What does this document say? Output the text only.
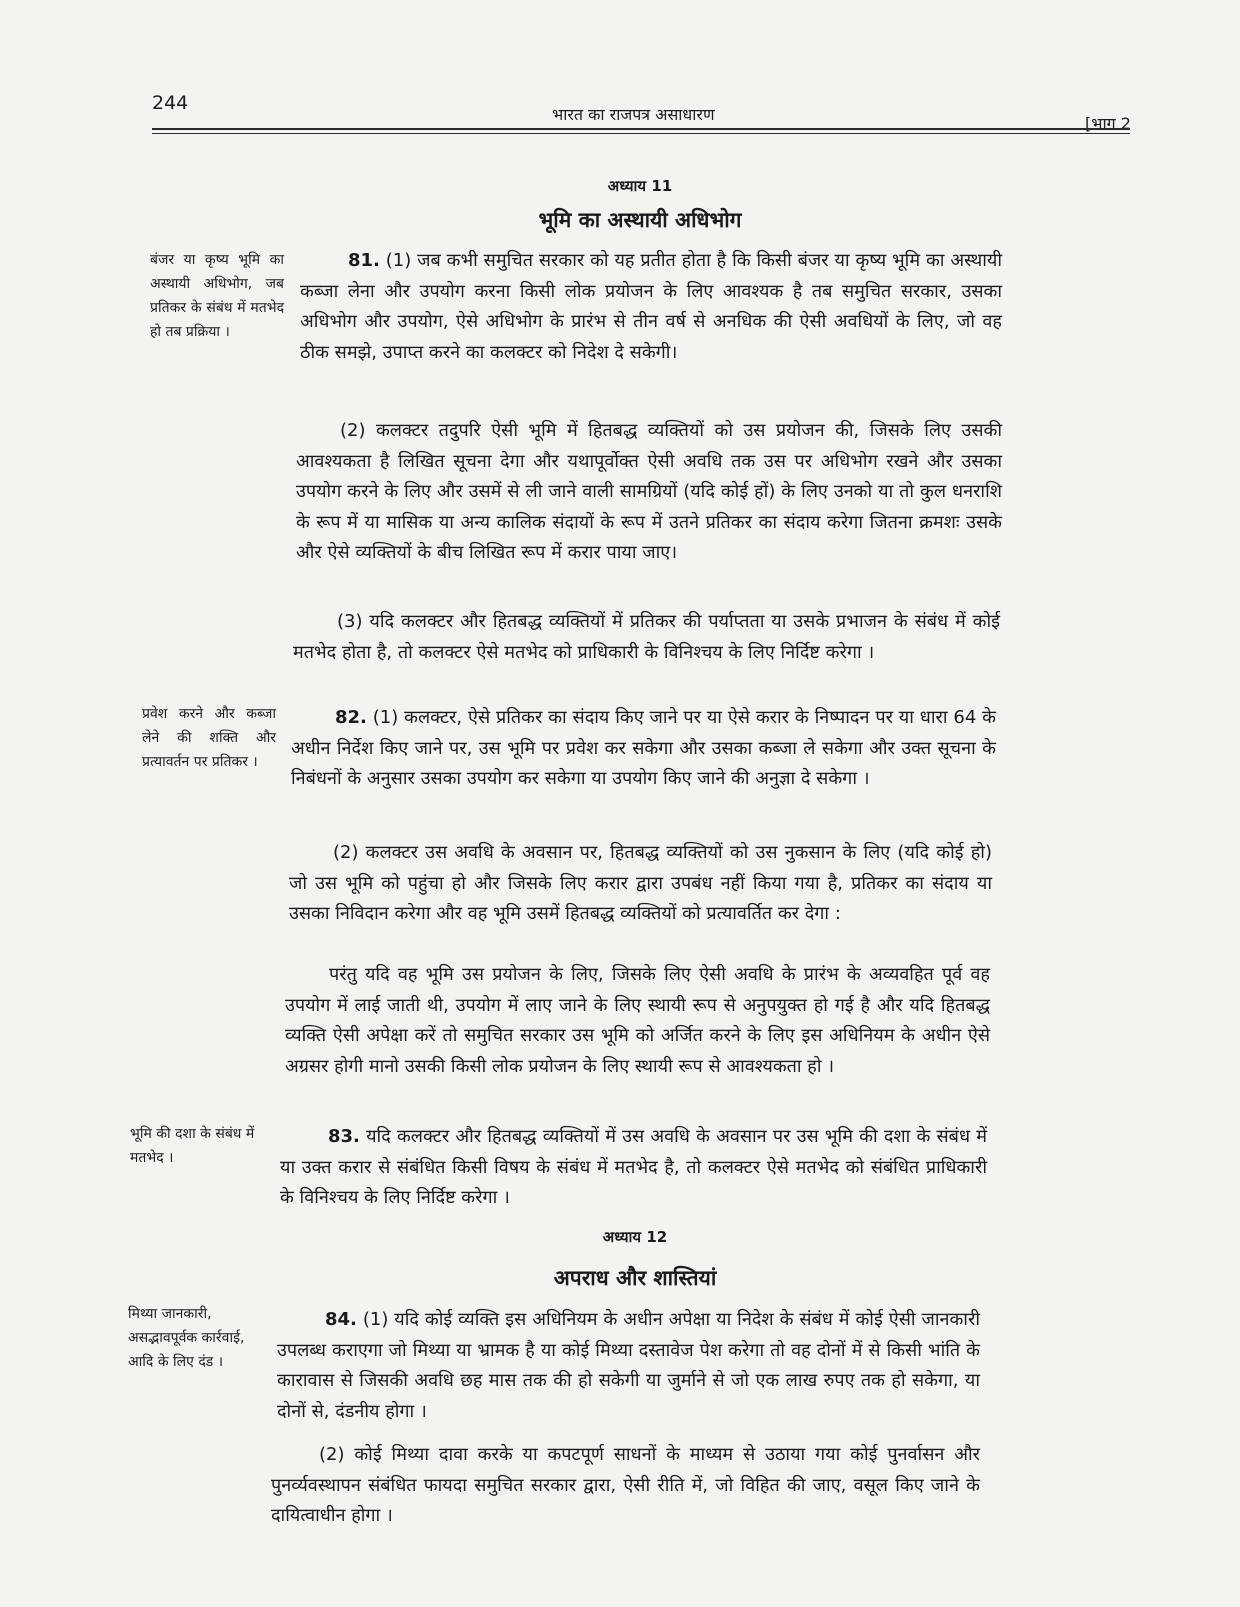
244
भारत का राजपत्र असाधारण	[भाग 2
अध्याय 11
भूमि का अस्थायी अधिभोग
बंजर या कृष्य भूमि का अस्थायी अधिभोग, जब प्रतिकर के संबंध में मतभेद हो तब प्रक्रिया ।

81. (1) जब कभी समुचित सरकार को यह प्रतीत होता है कि किसी बंजर या कृष्य भूमि का अस्थायी कब्जा लेना और उपयोग करना किसी लोक प्रयोजन के लिए आवश्यक है तब समुचित सरकार, उसका अधिभोग और उपयोग, ऐसे अधिभोग के प्रारंभ से तीन वर्ष से अनधिक की ऐसी अवधियों के लिए, जो वह ठीक समझे, उपाप्त करने का कलक्टर को निदेश दे सकेगी।

(2) कलक्टर तदुपरि ऐसी भूमि में हितबद्ध व्यक्तियों को उस प्रयोजन की, जिसके लिए उसकी आवश्यकता है लिखित सूचना देगा और यथापूर्वोक्त ऐसी अवधि तक उस पर अधिभोग रखने और उसका उपयोग करने के लिए और उसमें से ली जाने वाली सामग्रियों (यदि कोई हों) के लिए उनको या तो कुल धनराशि के रूप में या मासिक या अन्य कालिक संदायों के रूप में उतने प्रतिकर का संदाय करेगा जितना क्रमशः उसके और ऐसे व्यक्तियों के बीच लिखित रूप में करार पाया जाए।

(3) यदि कलक्टर और हितबद्ध व्यक्तियों में प्रतिकर की पर्याप्तता या उसके प्रभाजन के संबंध में कोई मतभेद होता है, तो कलक्टर ऐसे मतभेद को प्राधिकारी के विनिश्चय के लिए निर्दिष्ट करेगा ।

प्रवेश करने और कब्जा लेने की शक्ति और प्रत्यावर्तन पर प्रतिकर ।

82. (1) कलक्टर, ऐसे प्रतिकर का संदाय किए जाने पर या ऐसे करार के निष्पादन पर या धारा 64 के अधीन निर्देश किए जाने पर, उस भूमि पर प्रवेश कर सकेगा और उसका कब्जा ले सकेगा और उक्त सूचना के निबंधनों के अनुसार उसका उपयोग कर सकेगा या उपयोग किए जाने की अनुज्ञा दे सकेगा ।

(2) कलक्टर उस अवधि के अवसान पर, हितबद्ध व्यक्तियों को उस नुकसान के लिए (यदि कोई हो) जो उस भूमि को पहुंचा हो और जिसके लिए करार द्वारा उपबंध नहीं किया गया है, प्रतिकर का संदाय या उसका निविदान करेगा और वह भूमि उसमें हितबद्ध व्यक्तियों को प्रत्यावर्तित कर देगा :

परंतु यदि वह भूमि उस प्रयोजन के लिए, जिसके लिए ऐसी अवधि के प्रारंभ के अव्यवहित पूर्व वह उपयोग में लाई जाती थी, उपयोग में लाए जाने के लिए स्थायी रूप से अनुपयुक्त हो गई है और यदि हितबद्ध व्यक्ति ऐसी अपेक्षा करें तो समुचित सरकार उस भूमि को अर्जित करने के लिए इस अधिनियम के अधीन ऐसे अग्रसर होगी मानो उसकी किसी लोक प्रयोजन के लिए स्थायी रूप से आवश्यकता हो ।

भूमि की दशा के संबंध में मतभेद ।

83. यदि कलक्टर और हितबद्ध व्यक्तियों में उस अवधि के अवसान पर उस भूमि की दशा के संबंध में या उक्त करार से संबंधित किसी विषय के संबंध में मतभेद है, तो कलक्टर ऐसे मतभेद को संबंधित प्राधिकारी के विनिश्चय के लिए निर्दिष्ट करेगा ।

अध्याय 12
अपराध और शास्तियां
मिथ्या जानकारी, असद्भावपूर्वक कार्रवाई, आदि के लिए दंड ।

84. (1) यदि कोई व्यक्ति इस अधिनियम के अधीन अपेक्षा या निदेश के संबंध में कोई ऐसी जानकारी उपलब्ध कराएगा जो मिथ्या या भ्रामक है या कोई मिथ्या दस्तावेज पेश करेगा तो वह दोनों में से किसी भांति के कारावास से जिसकी अवधि छह मास तक की हो सकेगी या जुर्माने से जो एक लाख रुपए तक हो सकेगा, या दोनों से, दंडनीय होगा ।

(2) कोई मिथ्या दावा करके या कपटपूर्ण साधनों के माध्यम से उठाया गया कोई पुनर्वासन और पुनर्व्यवस्थापन संबंधित फायदा समुचित सरकार द्वारा, ऐसी रीति में, जो विहित की जाए, वसूल किए जाने के दायित्वाधीन होगा ।
